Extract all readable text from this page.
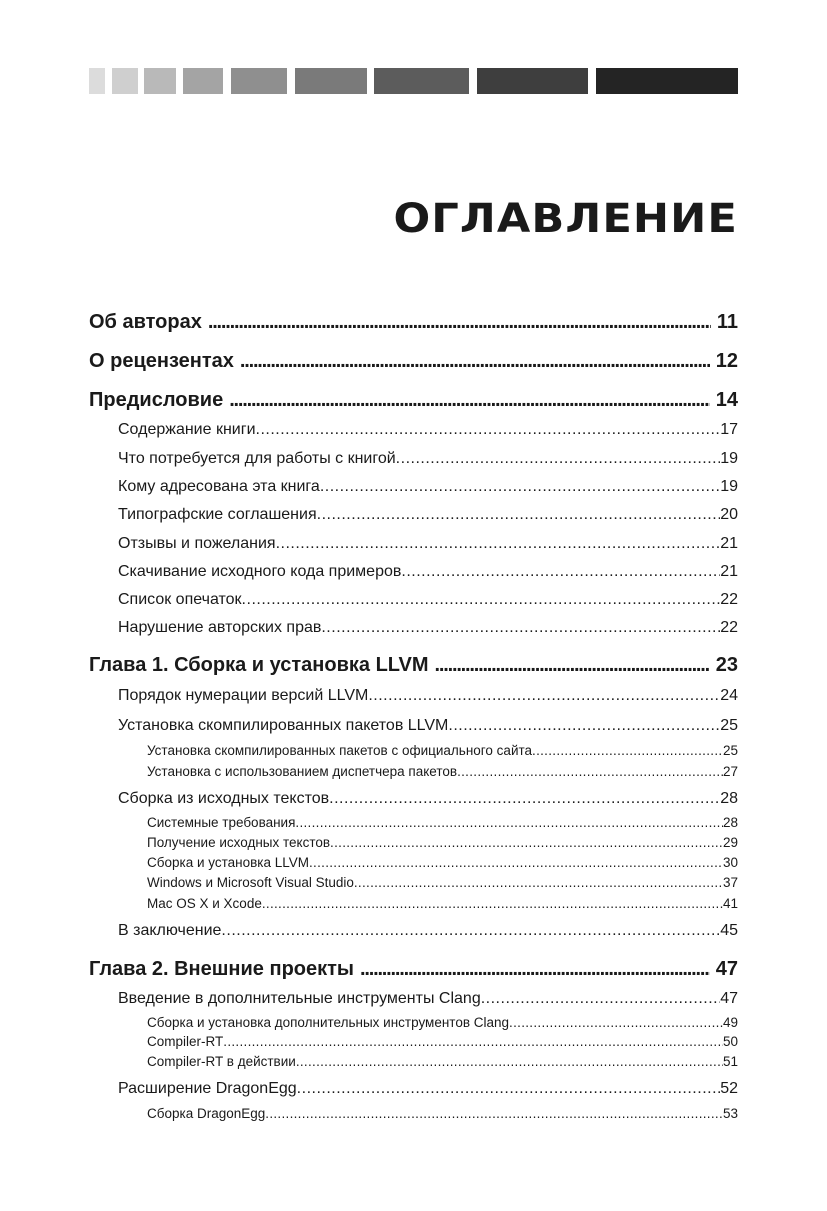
ОГЛАВЛЕНИЕ
Об авторах .....	11
О рецензентах .....	12
Предисловие .....	14
Содержание книги .....	17
Что потребуется для работы с книгой .....	19
Кому адресована эта книга .....	19
Типографские соглашения .....	20
Отзывы и пожелания .....	21
Скачивание исходного кода примеров .....	21
Список опечаток .....	22
Нарушение авторских прав .....	22
Глава 1. Сборка и установка LLVM .....	23
Порядок нумерации версий LLVM .....	24
Установка скомпилированных пакетов LLVM .....	25
Установка скомпилированных пакетов с официального сайта .....	25
Установка с использованием диспетчера пакетов .....	27
Сборка из исходных текстов .....	28
Системные требования .....	28
Получение исходных текстов .....	29
Сборка и установка LLVM .....	30
Windows и Microsoft Visual Studio .....	37
Mac OS X и Xcode .....	41
В заключение .....	45
Глава 2. Внешние проекты .....	47
Введение в дополнительные инструменты Clang .....	47
Сборка и установка дополнительных инструментов Clang .....	49
Compiler-RT .....	50
Compiler-RT в действии .....	51
Расширение DragonEgg .....	52
Сборка DragonEgg .....	53
